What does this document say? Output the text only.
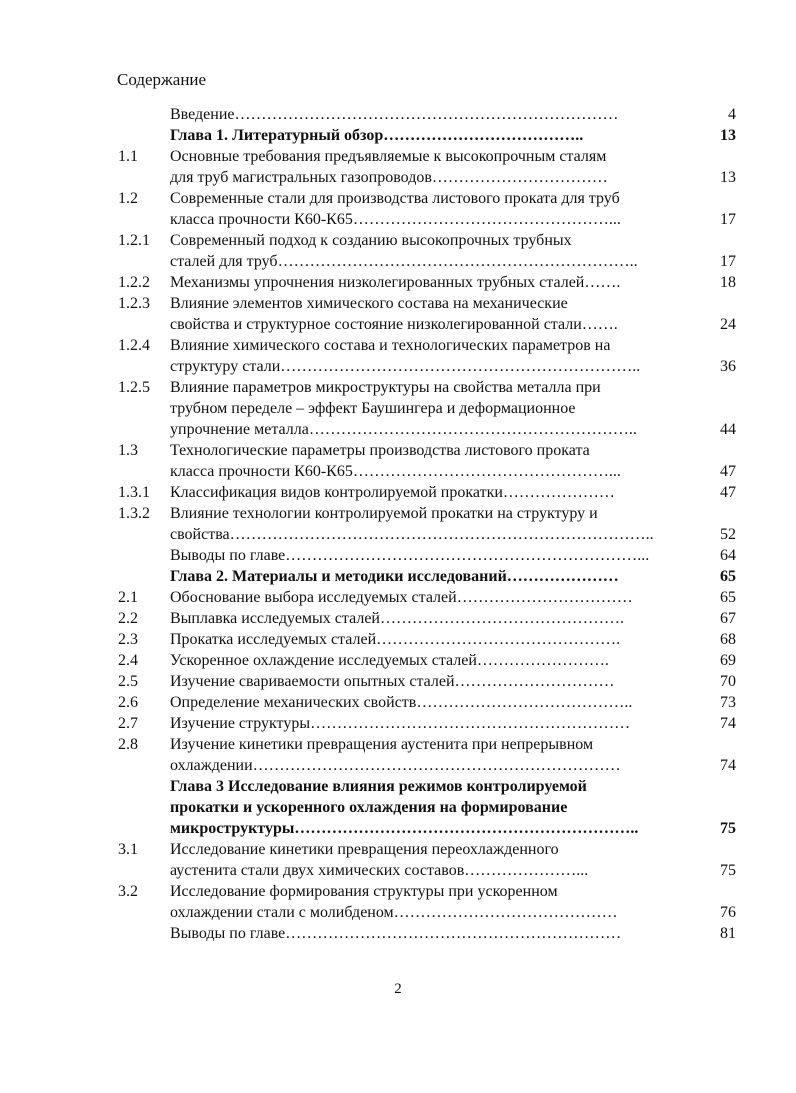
Содержание
Введение………………………………………………………………	4
Глава 1. Литературный обзор………………………………..	13
1.1	Основные требования предъявляемые к высокопрочным сталям
для труб магистральных газопроводов……………………………	13
1.2	Современные стали для производства листового проката для труб
класса прочности К60-К65…………………………………………...	17
1.2.1	Современный подход к созданию высокопрочных трубных
сталей для труб…………………………………………………………..	17
1.2.2	Механизмы упрочнения низколегированных трубных сталей…….	18
1.2.3	Влияние элементов химического состава на механические
свойства и структурное состояние низколегированной стали…….	24
1.2.4	Влияние химического состава и технологических параметров на
структуру стали…………………………………………………………..	36
1.2.5	Влияние параметров микроструктуры на свойства металла при
трубном переделе – эффект Баушингера и деформационное
упрочнение металла……………………………………………………..	44
1.3	Технологические параметры производства листового проката
класса прочности К60-К65…………………………………………...	47
1.3.1	Классификация видов контролируемой прокатки…………………	47
1.3.2	Влияние технологии контролируемой прокатки на структуру и
свойства……………………………………………………………………..	52
Выводы по главе…………………………………………………………...	64
Глава 2. Материалы и методики исследований…………………	65
2.1	Обоснование выбора исследуемых сталей……………………………	65
2.2	Выплавка исследуемых сталей……………………………………….	67
2.3	Прокатка исследуемых сталей……………………………………….	68
2.4	Ускоренное охлаждение исследуемых сталей…………………….	69
2.5	Изучение свариваемости опытных сталей…………………………	70
2.6	Определение механических свойств…………………………………..	73
2.7	Изучение структуры……………………………………………………	74
2.8	Изучение кинетики превращения аустенита при непрерывном
охлаждении……………………………………………………………	74
Глава 3 Исследование влияния режимов контролируемой
прокатки и ускоренного охлаждения на формирование
микроструктуры………………………………………………………..	75
3.1	Исследование кинетики превращения переохлажденного
аустенита стали двух химических составов…………………...	75
3.2	Исследование формирования структуры при ускоренном
охлаждении стали с молибденом……………………………………	76
Выводы по главе………………………………………………………	81
2
